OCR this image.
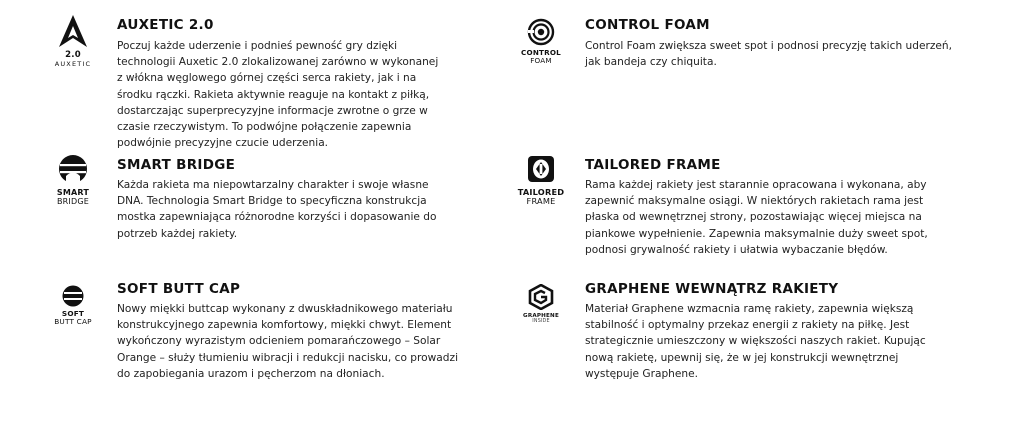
2.0
AUXETIC
AUXETIC 2.0
Poczuj każde uderzenie i podnieś pewność gry dzięki technologii Auxetic 2.0 zlokalizowanej zarówno w wykonanej z włókna węglowego górnej części serca rakiety, jak i na środku rączki. Rakieta aktywnie reaguje na kontakt z piłką, dostarczając superprecyzyjne informacje zwrotne o grze w czasie rzeczywistym. To podwójne połączenie zapewnia podwójnie precyzyjne czucie uderzenia.
CONTROL
FOAM
CONTROL FOAM
Control Foam zwiększa sweet spot i podnosi precyzję takich uderzeń, jak bandeja czy chiquita.
SMART
BRIDGE
SMART BRIDGE
Każda rakieta ma niepowtarzalny charakter i swoje własne DNA. Technologia Smart Bridge to specyficzna konstrukcja mostka zapewniająca różnorodne korzyści i dopasowanie do potrzeb każdej rakiety.
TAILORED
FRAME
TAILORED FRAME
Rama każdej rakiety jest starannie opracowana i wykonana, aby zapewnić maksymalne osiągi. W niektórych rakietach rama jest płaska od wewnętrznej strony, pozostawiając więcej miejsca na piankowe wypełnienie. Zapewnia maksymalnie duży sweet spot, podnosi grywalność rakiety i ułatwia wybaczanie błędów.
SOFT
BUTT CAP
SOFT BUTT CAP
Nowy miękki buttcap wykonany z dwuskładnikowego materiału konstrukcyjnego zapewnia komfortowy, miękki chwyt. Element wykończony wyrazistym odcieniem pomarańczowego – Solar Orange – służy tłumieniu wibracji i redukcji nacisku, co prowadzi do zapobiegania urazom i pęcherzom na dłoniach.
GRAPHENE
INSIDE
GRAPHENE WEWNĄTRZ RAKIETY
Materiał Graphene wzmacnia ramę rakiety, zapewnia większą stabilność i optymalny przekaz energii z rakiety na piłkę. Jest strategicznie umieszczony w większości naszych rakiet. Kupując nową rakietę, upewnij się, że w jej konstrukcji wewnętrznej występuje Graphene.
